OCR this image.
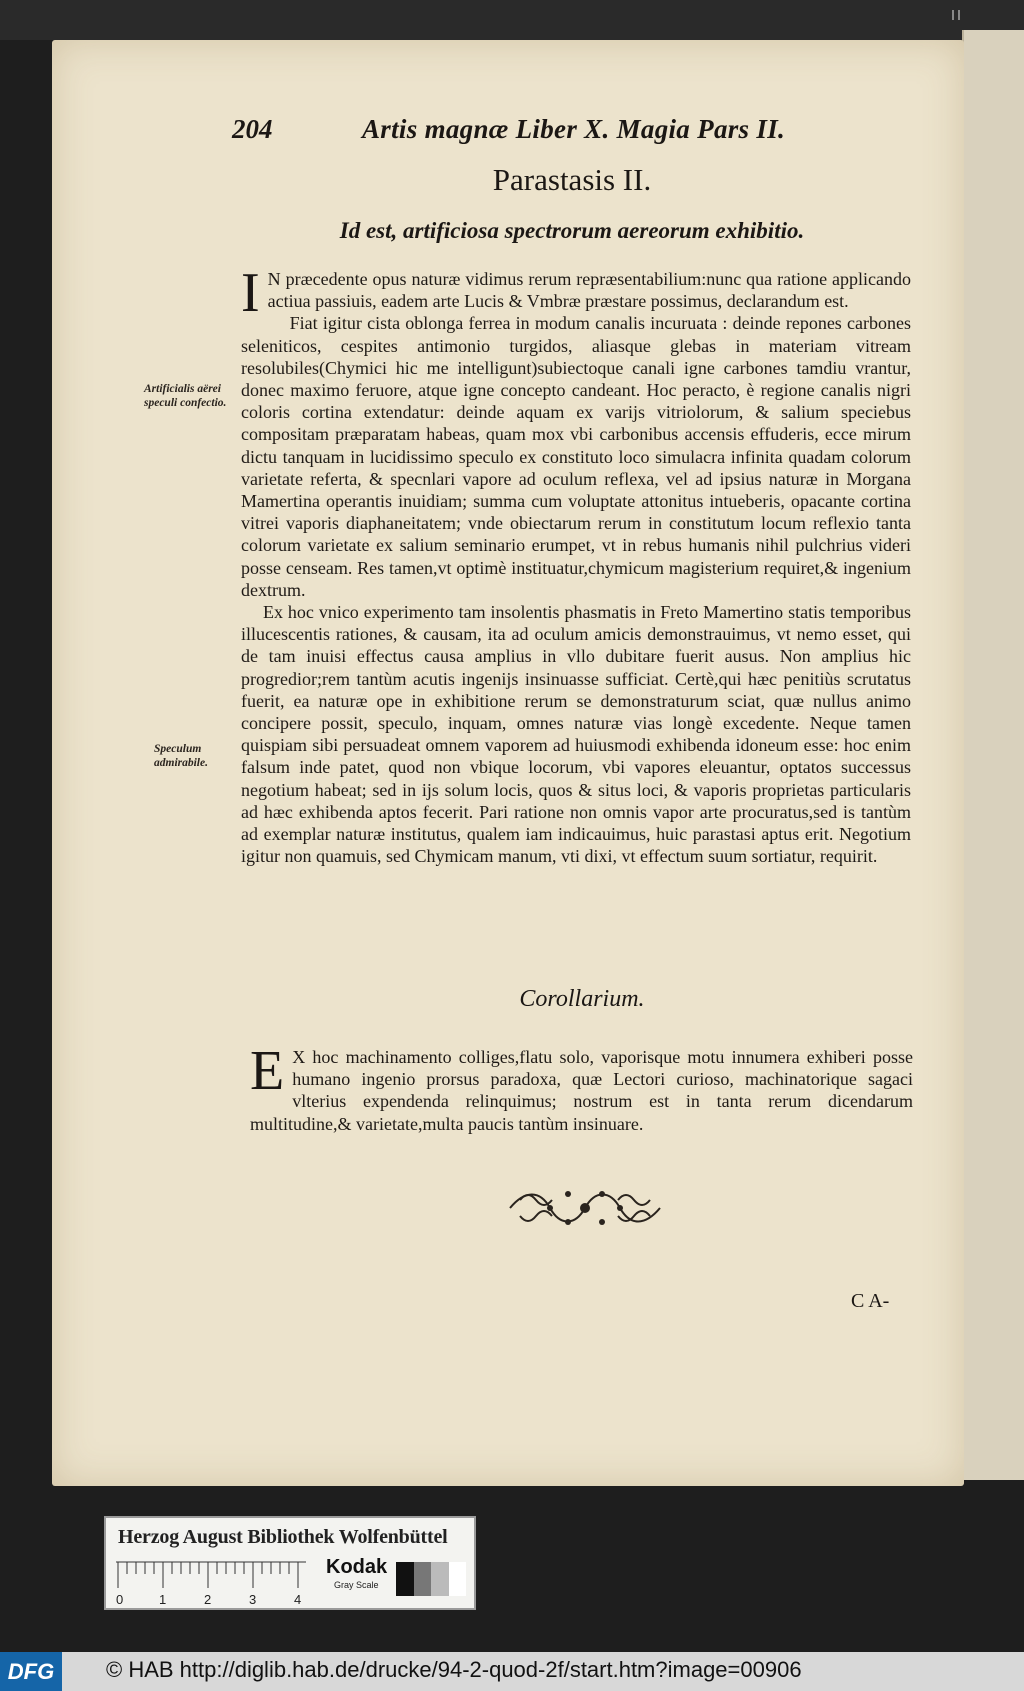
204	Artis magnæ Liber X. Magia Pars II.
Parastasis II.
Id est, artificiosa spectrorum aereorum exhibitio.
Artificialis aërei speculi confectio.
Speculum admirabile.

I N præcedente opus naturæ vidimus rerum repræsentabilium:nunc qua ratione applicando actiua passiuis, eadem arte Lucis & Vmbræ præstare possimus, declarandum est.

Fiat igitur cista oblonga ferrea in modum canalis incuruata : deinde repones carbones seleniticos, cespites antimonio turgidos, aliasque glebas in materiam vitream resolubiles(Chymici hic me intelligunt)subiectoque canali igne carbones tamdiu vrantur, donec maximo feruore, atque igne concepto candeant. Hoc peracto, è regione canalis nigri coloris cortina extendatur: deinde aquam ex varijs vitriolorum, & salium speciebus compositam præparatam habeas, quam mox vbi carbonibus accensis effuderis, ecce mirum dictu tanquam in lucidissimo speculo ex constituto loco simulacra infinita quadam colorum varietate referta, & specnlari vapore ad oculum reflexa, vel ad ipsius naturæ in Morgana Mamertina operantis inuidiam; summa cum voluptate attonitus intueberis, opacante cortina vitrei vaporis diaphaneitatem; vnde obiectarum rerum in constitutum locum reflexio tanta colorum varietate ex salium seminario erumpet, vt in rebus humanis nihil pulchrius videri posse censeam. Res tamen,vt optimè instituatur,chymicum magisterium requiret,& ingenium dextrum.

Ex hoc vnico experimento tam insolentis phasmatis in Freto Mamertino statis temporibus illucescentis rationes, & causam, ita ad oculum amicis demonstrauimus, vt nemo esset, qui de tam inuisi effectus causa amplius in vllo dubitare fuerit ausus. Non amplius hic progredior;rem tantùm acutis ingenijs insinuasse sufficiat. Certè,qui hæc penitiùs scrutatus fuerit, ea naturæ ope in exhibitione rerum se demonstraturum sciat, quæ nullus animo concipere possit, speculo, inquam, omnes naturæ vias longè excedente. Neque tamen quispiam sibi persuadeat omnem vaporem ad huiusmodi exhibenda idoneum esse: hoc enim falsum inde patet, quod non vbique locorum, vbi vapores eleuantur, optatos successus negotium habeat; sed in ijs solum locis, quos & situs loci, & vaporis proprietas particularis ad hæc exhibenda aptos fecerit. Pari ratione non omnis vapor arte procuratus,sed is tantùm ad exemplar naturæ institutus, qualem iam indicauimus, huic parastasi aptus erit. Negotium igitur non quamuis, sed Chymicam manum, vti dixi, vt effectum suum sortiatur, requirit.

Corollarium.

E X hoc machinamento colliges,flatu solo, vaporisque motu innumera exhiberi posse humano ingenio prorsus paradoxa, quæ Lectori curioso, machinatorique sagaci vlterius expendenda relinquimus; nostrum est in tanta rerum dicendarum multitudine,& varietate,multa paucis tantùm insinuare.

C A-
Herzog August Bibliothek Wolfenbüttel
0	1	2	3	4
Kodak
Gray Scale
DFG	© HAB http://diglib.hab.de/drucke/94-2-quod-2f/start.htm?image=00906
